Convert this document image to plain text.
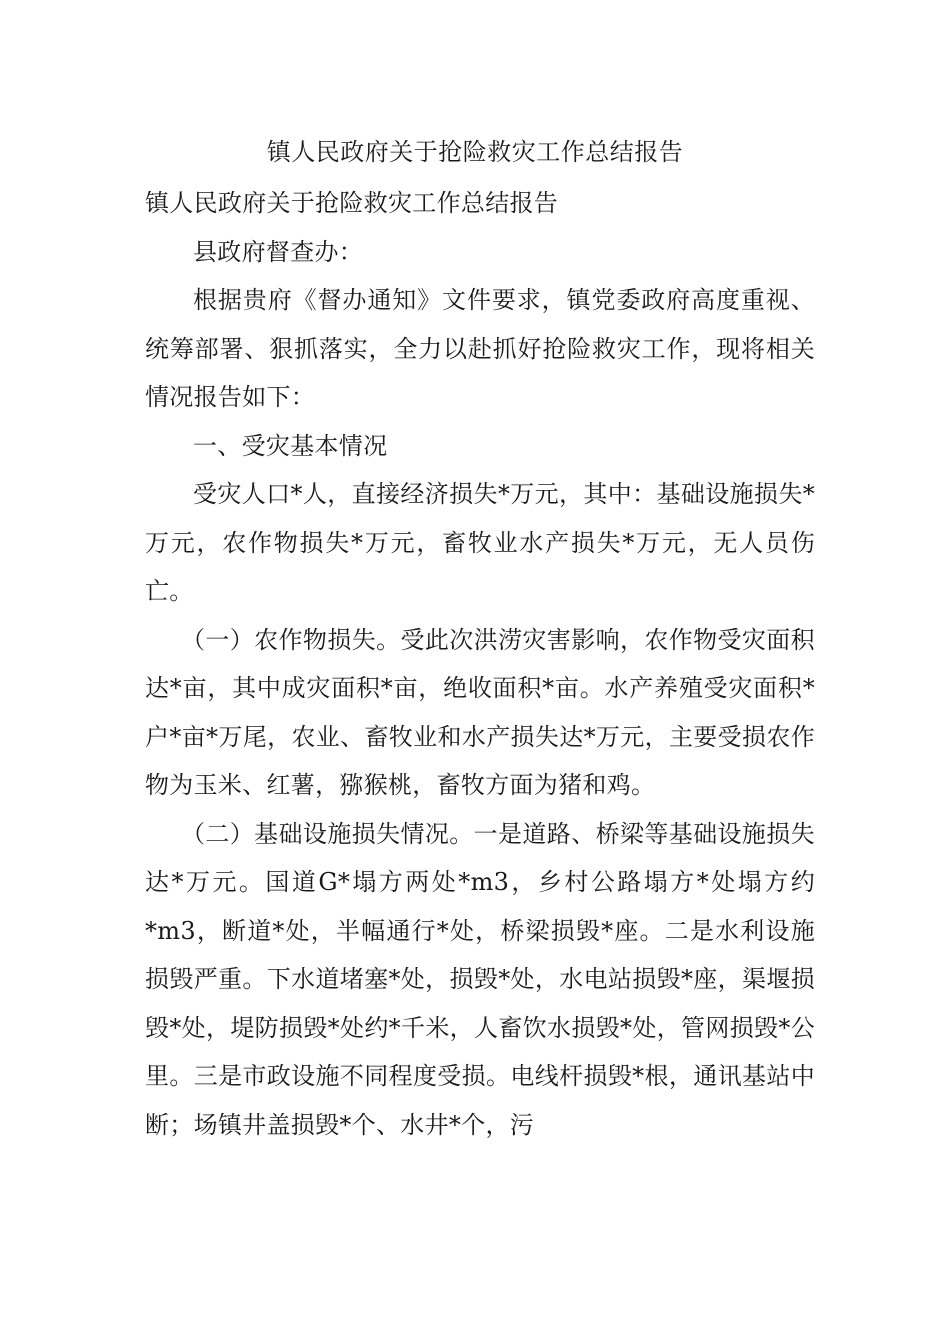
镇人民政府关于抢险救灾工作总结报告

镇人民政府关于抢险救灾工作总结报告

县政府督查办：

根据贵府《督办通知》文件要求，镇党委政府高度重视、统筹部署、狠抓落实，全力以赴抓好抢险救灾工作，现将相关情况报告如下：

一、受灾基本情况

受灾人口*人，直接经济损失*万元，其中：基础设施损失*万元，农作物损失*万元，畜牧业水产损失*万元，无人员伤亡。

（一）农作物损失。受此次洪涝灾害影响，农作物受灾面积达*亩，其中成灾面积*亩，绝收面积*亩。水产养殖受灾面积*户*亩*万尾，农业、畜牧业和水产损失达*万元，主要受损农作物为玉米、红薯，猕猴桃，畜牧方面为猪和鸡。

（二）基础设施损失情况。一是道路、桥梁等基础设施损失达*万元。国道G*塌方两处*m3，乡村公路塌方*处塌方约*m3，断道*处，半幅通行*处，桥梁损毁*座。二是水利设施损毁严重。下水道堵塞*处，损毁*处，水电站损毁*座，渠堰损毁*处，堤防损毁*处约*千米，人畜饮水损毁*处，管网损毁*公里。三是市政设施不同程度受损。电线杆损毁*根，通讯基站中断；场镇井盖损毁*个、水井*个，污
